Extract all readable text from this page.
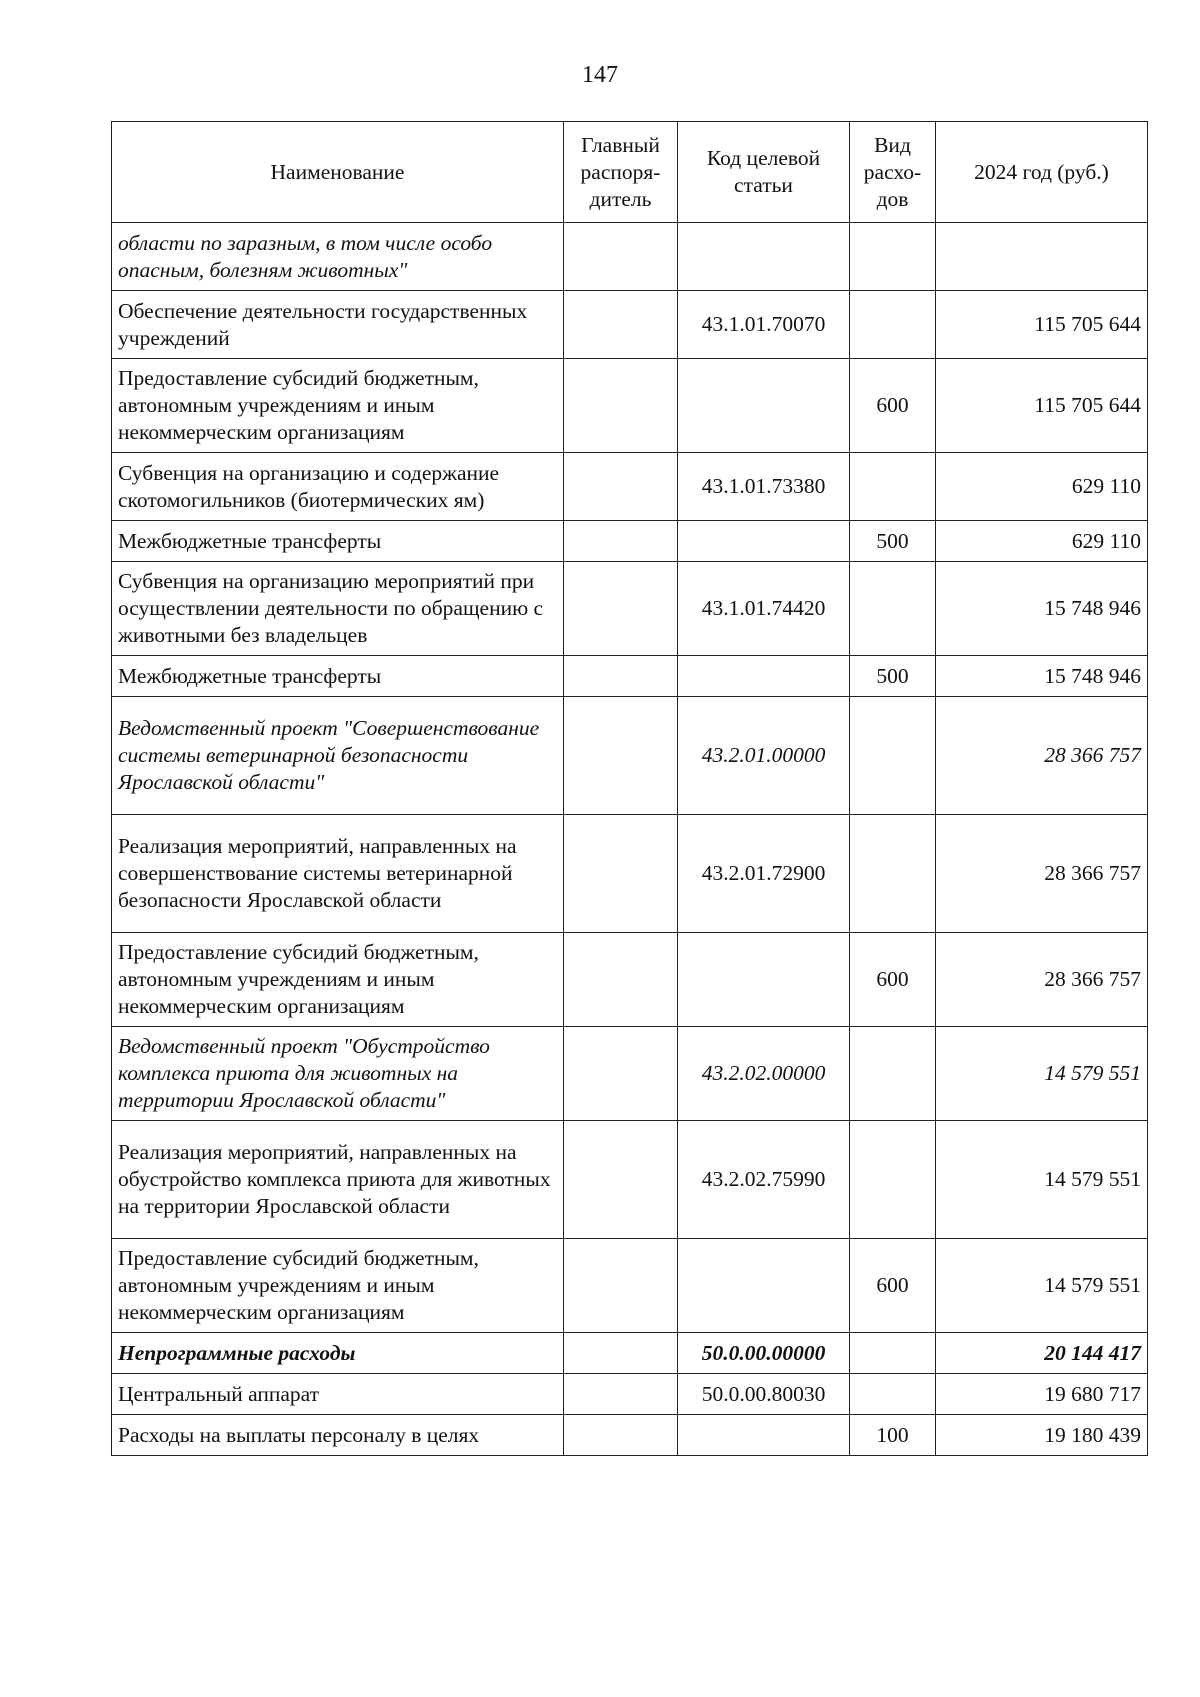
147
Наименование	Главный распоря-дитель	Код целевой статьи	Вид расхо-дов	2024 год (руб.)
области по заразным, в том числе особо опасным, болезням животных"				
Обеспечение деятельности государственных учреждений		43.1.01.70070		115 705 644
Предоставление субсидий бюджетным, автономным учреждениям и иным некоммерческим организациям			600	115 705 644
Субвенция на организацию и содержание скотомогильников (биотермических ям)		43.1.01.73380		629 110
Межбюджетные трансферты			500	629 110
Субвенция на организацию мероприятий при осуществлении деятельности по обращению с животными без владельцев		43.1.01.74420		15 748 946
Межбюджетные трансферты			500	15 748 946
Ведомственный проект "Совершенствование системы ветеринарной безопасности Ярославской области"		43.2.01.00000		28 366 757
Реализация мероприятий, направленных на совершенствование системы ветеринарной безопасности Ярославской области		43.2.01.72900		28 366 757
Предоставление субсидий бюджетным, автономным учреждениям и иным некоммерческим организациям			600	28 366 757
Ведомственный проект "Обустройство комплекса приюта для животных на территории Ярославской области"		43.2.02.00000		14 579 551
Реализация мероприятий, направленных на обустройство комплекса приюта для животных на территории Ярославской области		43.2.02.75990		14 579 551
Предоставление субсидий бюджетным, автономным учреждениям и иным некоммерческим организациям			600	14 579 551
Непрограммные расходы		50.0.00.00000		20 144 417
Центральный аппарат		50.0.00.80030		19 680 717
Расходы на выплаты персоналу в целях			100	19 180 439
